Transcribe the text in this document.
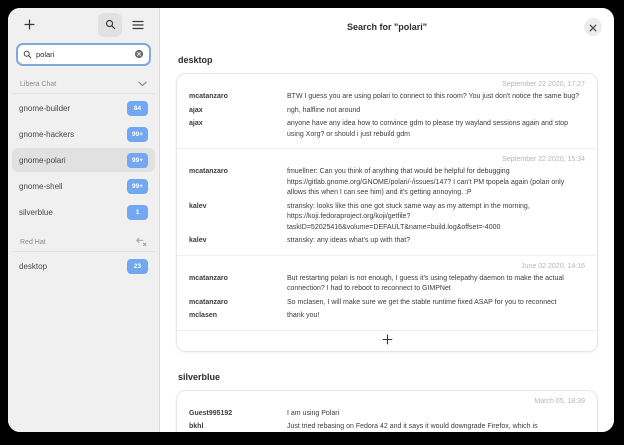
polari
Libera Chat
gnome-builder	84
gnome-hackers	99+
gnome-polari	99+
gnome-shell	99+
silverblue	1
Red Hat
desktop	23
Search for "polari"
desktop
September 22 2020, 17:27
mcatanzaro	BTW I guess you are using polari to connect to this room? You just don't notice the same bug?
ajax	ngh, halfline not around
ajax	anyone have any idea how to convince gdm to please try wayland sessions again and stop using Xorg? or should i just rebuild gdm
September 22 2020, 15:34
mcatanzaro	fmuellner: Can you think of anything that would be helpful for debugging https://gitlab.gnome.org/GNOME/polari/-/issues/147? I can't PM tpopela again (polari only allows this when I can see him) and it's getting annoying. :P
kalev	stransky: looks like this one got stuck same way as my attempt in the morning, https://koji.fedoraproject.org/koji/getfile?taskID=52025416&volume=DEFAULT&name=build.log&offset=-4000
kalev	stransky: any ideas what's up with that?
June 02 2020, 14:16
mcatanzaro	But restarting polari is not enough, I guess it's using telepathy daemon to make the actual connection? I had to reboot to reconnect to GIMPNet
mcatanzaro	So mclasen, I will make sure we get the stable runtime fixed ASAP for you to reconnect
mclasen	thank you!
silverblue
March 05, 18:39
Guest995192	I am using Polari
bkhl	Just tried rebasing on Fedora 42 and it says it would downgrade Firefox, which is
